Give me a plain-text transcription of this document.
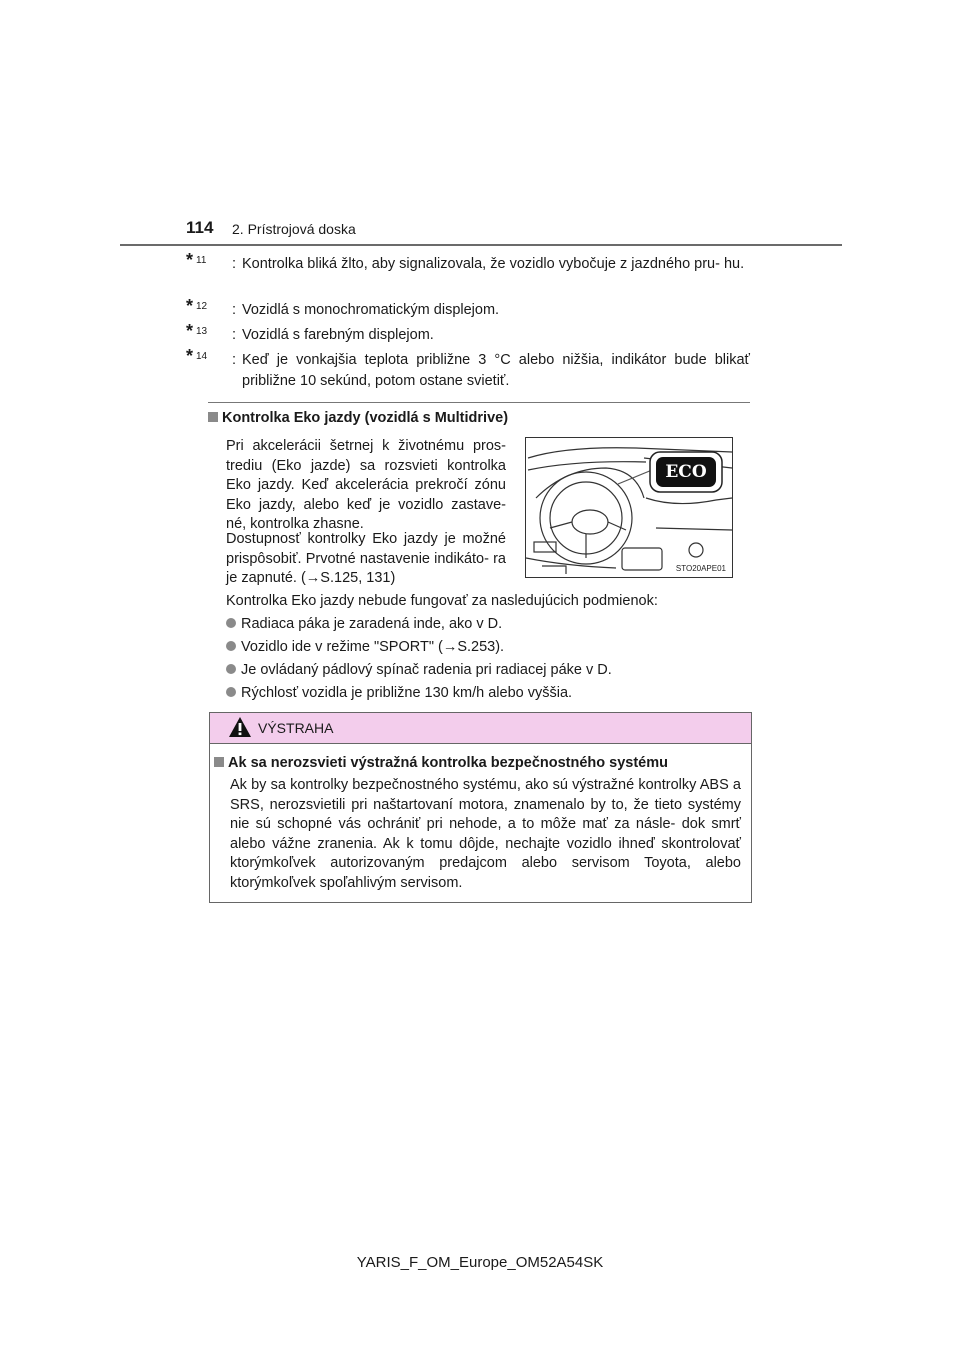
114 2. Prístrojová doska
* 11 : Kontrolka bliká žlto, aby signalizovala, že vozidlo vybočuje z jazdného pru- hu.
* 12 : Vozidlá s monochromatickým displejom.
* 13 : Vozidlá s farebným displejom.
* 14 : Keď je vonkajšia teplota približne 3 °C alebo nižšia, indikátor bude blikať približne 10 sekúnd, potom ostane svietiť.
Kontrolka Eko jazdy (vozidlá s Multidrive)
Pri akcelerácii šetrnej k životnému pros- trediu (Eko jazde) sa rozsvieti kontrolka Eko jazdy. Keď akcelerácia prekročí zónu Eko jazdy, alebo keď je vozidlo zastave- né, kontrolka zhasne.
Dostupnosť kontrolky Eko jazdy je možné prispôsobiť. Prvotné nastavenie indikáto- ra je zapnuté. (→S.125, 131)
ECO
STO20APE01
Kontrolka Eko jazdy nebude fungovať za nasledujúcich podmienok:
Radiaca páka je zaradená inde, ako v D.
Vozidlo ide v režime "SPORT" (→S.253).
Je ovládaný pádlový spínač radenia pri radiacej páke v D.
Rýchlosť vozidla je približne 130 km/h alebo vyššia.
VÝSTRAHA
Ak sa nerozsvieti výstražná kontrolka bezpečnostného systému
Ak by sa kontrolky bezpečnostného systému, ako sú výstražné kontrolky ABS a SRS, nerozsvietili pri naštartovaní motora, znamenalo by to, že tieto systémy nie sú schopné vás ochrániť pri nehode, a to môže mať za násle- dok smrť alebo vážne zranenia. Ak k tomu dôjde, nechajte vozidlo ihneď skontrolovať ktorýmkoľvek autorizovaným predajcom alebo servisom Toyota, alebo ktorýmkoľvek spoľahlivým servisom.
YARIS_F_OM_Europe_OM52A54SK
